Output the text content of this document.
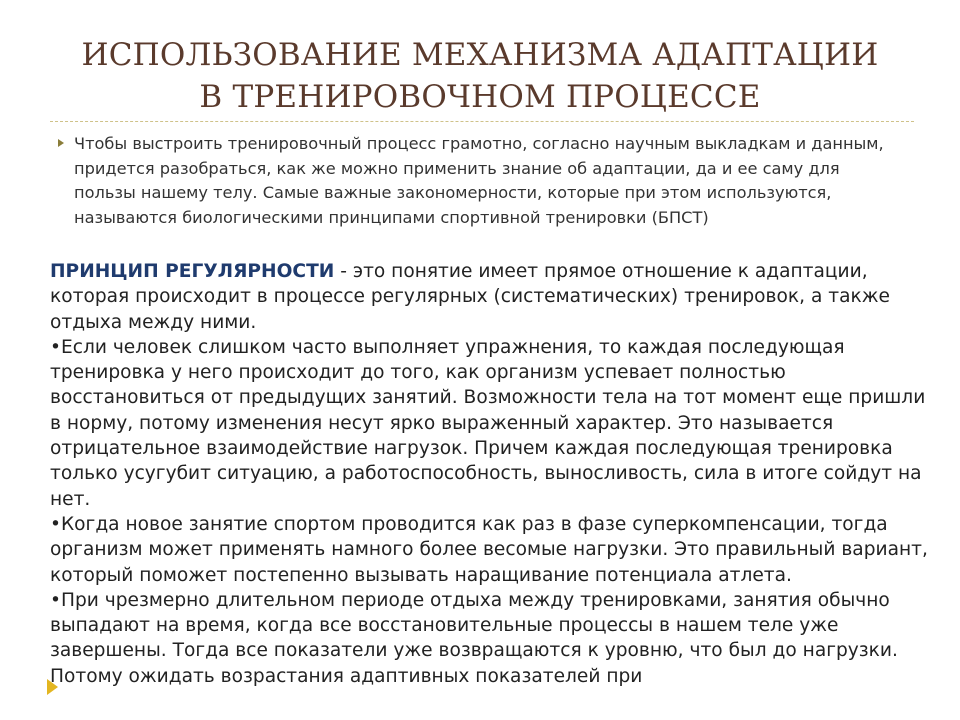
ИСПОЛЬЗОВАНИЕ МЕХАНИЗМА АДАПТАЦИИ
В ТРЕНИРОВОЧНОМ ПРОЦЕССЕ
Чтобы выстроить тренировочный процесс грамотно, согласно научным выкладкам и данным, придется разобраться, как же можно применить знание об адаптации, да и ее саму для пользы нашему телу. Самые важные закономерности, которые при этом используются, называются биологическими принципами спортивной тренировки (БПСТ)

ПРИНЦИП РЕГУЛЯРНОСТИ - это понятие имеет прямое отношение к адаптации, которая происходит в процессе регулярных (систематических) тренировок, а также отдыха между ними.

•Если человек слишком часто выполняет упражнения, то каждая последующая тренировка у него происходит до того, как организм успевает полностью восстановиться от предыдущих занятий. Возможности тела на тот момент еще пришли в норму, потому изменения несут ярко выраженный характер. Это называется отрицательное взаимодействие нагрузок. Причем каждая последующая тренировка только усугубит ситуацию, а работоспособность, выносливость, сила в итоге сойдут на нет.

•Когда новое занятие спортом проводится как раз в фазе суперкомпенсации, тогда организм может применять намного более весомые нагрузки. Это правильный вариант, который поможет постепенно вызывать наращивание потенциала атлета.

•При чрезмерно длительном периоде отдыха между тренировками, занятия обычно выпадают на время, когда все восстановительные процессы в нашем теле уже завершены. Тогда все показатели уже возвращаются к уровню, что был до нагрузки. Потому ожидать возрастания адаптивных показателей при
